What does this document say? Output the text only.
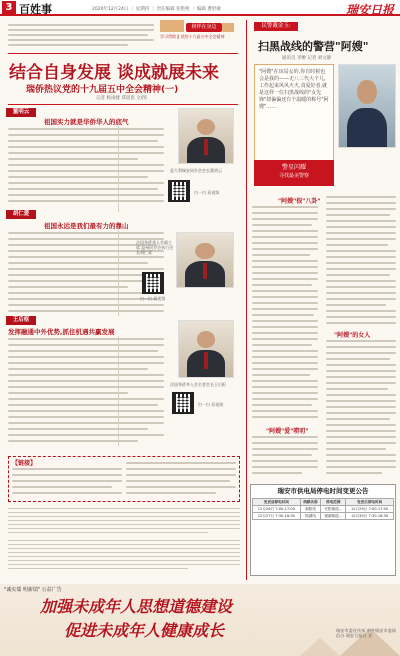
3 百姓事	2020年12月24日 ｜ 星期四 ｜ 责任编辑 张艳艳 ｜ 编辑 曹舒敏	瑞安日报
榜样在身边
学习贯彻 ‖ 党的十九届五中全会精神
结合自身发展 谈成就展未来
瑞侨热议党的十九届五中全会精神(一)
记者 杨雨婕 郑思思 文/图
董明云
祖国实力就是华侨华人的底气
意大利瑞安同乡会会长董明云
扫一扫 看视频
胡仁爱
祖国永远是我们最有力的靠山
法国华侨华人会副主席 温州同乡会执行会长胡仁爱
扫一扫 看视频
王后枢
发挥融通中外优势,抓住机遇共赢发展
法国华侨华人会名誉会长王后枢
扫一扫 看视频
【链接】
民警戴金玉:
扫黑战线的警营"阿嫂"
通讯员 李翀 记者 刘文静
"阿嫂"在该局女的,你有时候也会是我的——无八三代大个儿,工作起来风风火火,真爱好者,就是这样一位扫黑战线的"女先锋"却偏偏还有个温暖的称号"阿嫂"……
警星闪耀
寻找最美警察
"阿嫂"很"八卦"
"阿嫂"爱"唠叨"
"阿嫂"的女人
瑞安市供电局停电时间变更公告
变更前停电时间	线路名称	停电范围	变更后停电时间
12月26日 7:00-17:00	朝阳线	安阳街道…	12月29日 7:00-17:00
12月27日 7:30-16:30	锦湖线	锦湖街道…	12月30日 7:30-16:30
"诚实瑞 明新瑞" 公益广告
加强未成年人思想道德建设
促进未成年人健康成长	瑞安市委宣传部 中共瑞安市委网信办 瑞安日报社 宣
